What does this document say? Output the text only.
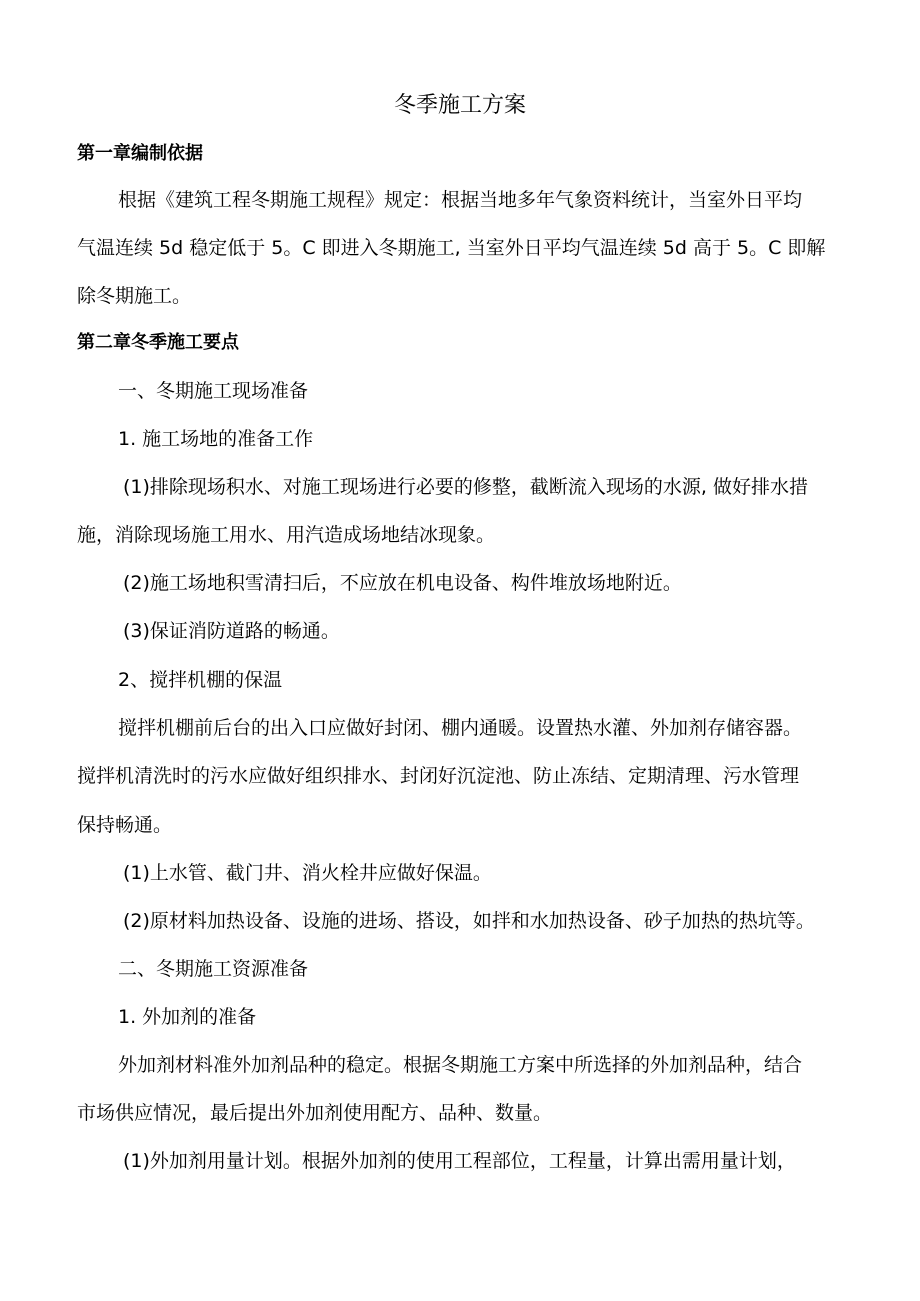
冬季施工方案
第一章编制依据
根据《建筑工程冬期施工规程》规定：根据当地多年气象资料统计，当室外日平均
气温连续 5d 稳定低于 5。C 即进入冬期施工, 当室外日平均气温连续 5d 高于 5。C 即解
除冬期施工。
第二章冬季施工要点
一、冬期施工现场准备
1. 施工场地的准备工作
(1)排除现场积水、对施工现场进行必要的修整，截断流入现场的水源, 做好排水措
施，消除现场施工用水、用汽造成场地结冰现象。
(2)施工场地积雪清扫后，不应放在机电设备、构件堆放场地附近。
(3)保证消防道路的畅通。
2、搅拌机棚的保温
搅拌机棚前后台的出入口应做好封闭、棚内通暖。设置热水灌、外加剂存储容器。
搅拌机清洗时的污水应做好组织排水、封闭好沉淀池、防止冻结、定期清理、污水管理
保持畅通。
(1)上水管、截门井、消火栓井应做好保温。
(2)原材料加热设备、设施的进场、搭设，如拌和水加热设备、砂子加热的热坑等。
二、冬期施工资源准备
1. 外加剂的准备
外加剂材料准外加剂品种的稳定。根据冬期施工方案中所选择的外加剂品种，结合
市场供应情况，最后提出外加剂使用配方、品种、数量。
(1)外加剂用量计划。根据外加剂的使用工程部位，工程量，计算出需用量计划，
